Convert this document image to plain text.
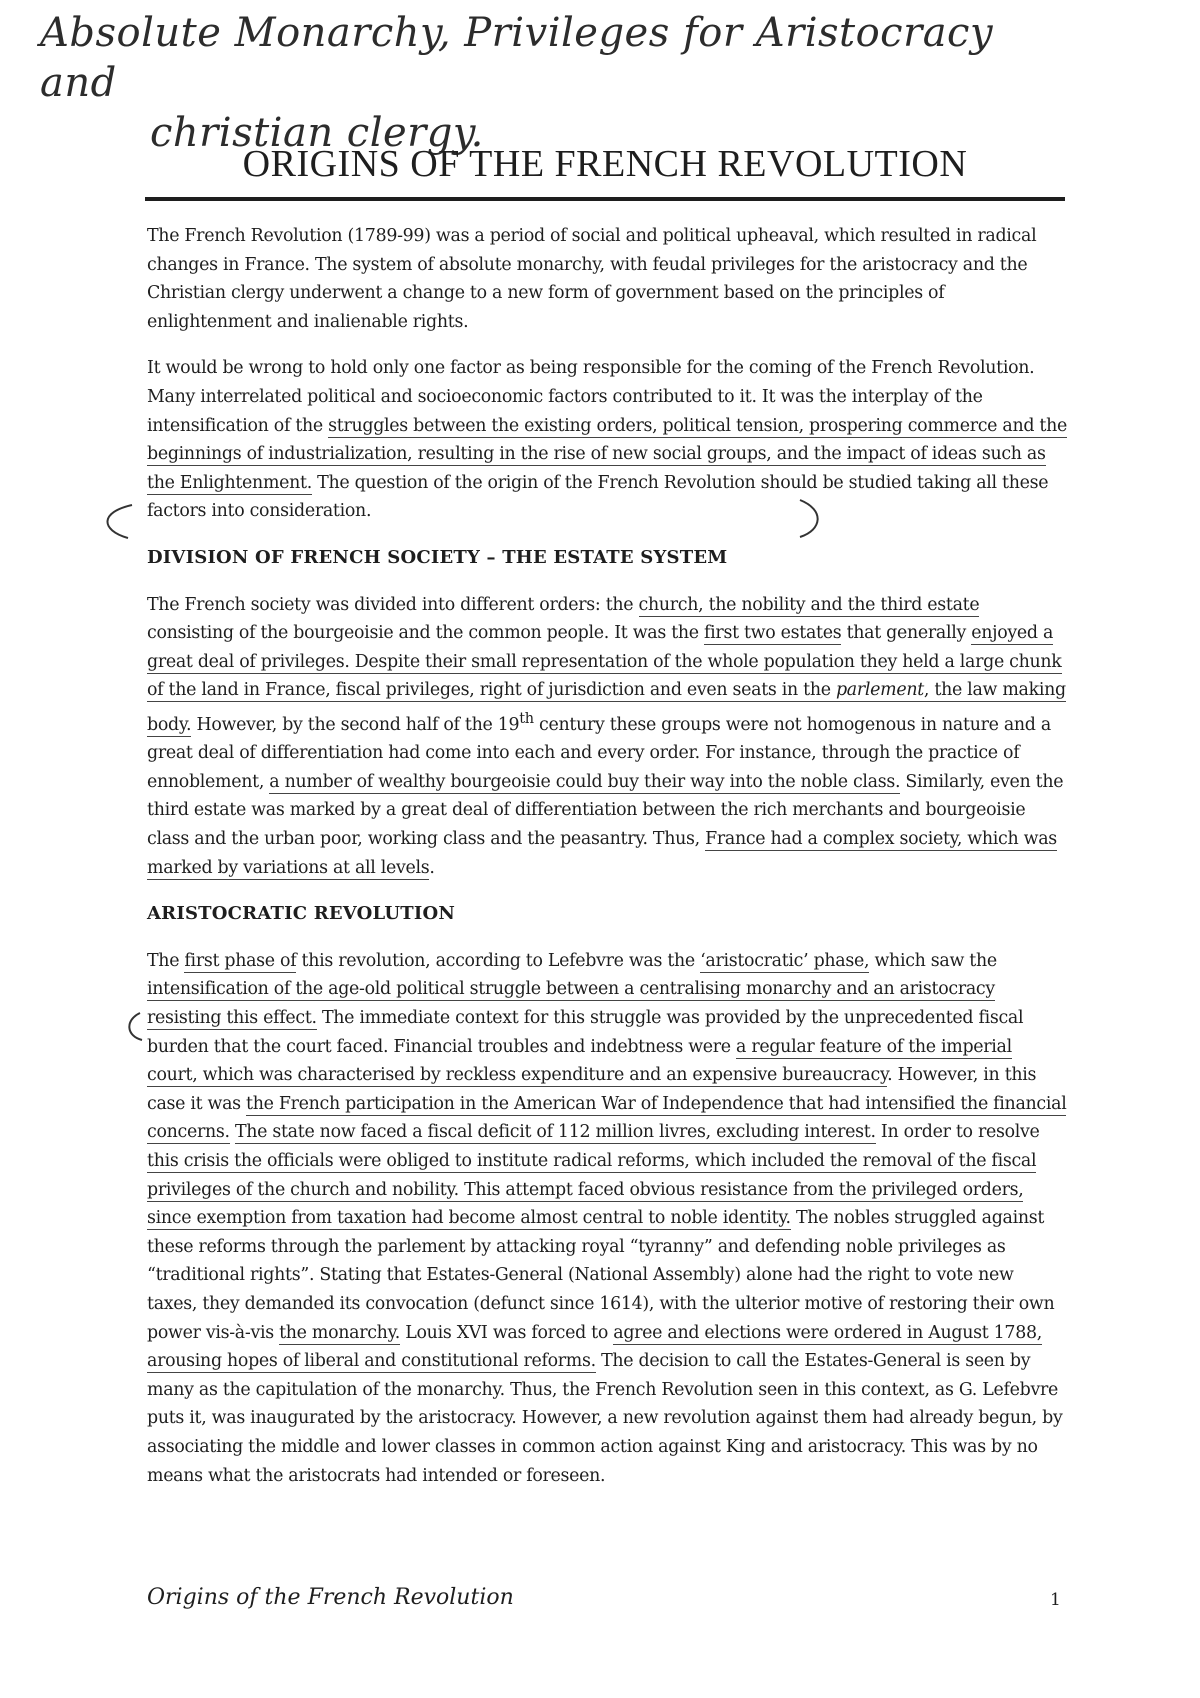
Absolute Monarchy, Privileges for Aristocracy and
christian clergy.
ORIGINS OF THE FRENCH REVOLUTION

The French Revolution (1789-99) was a period of social and political upheaval, which resulted in radical changes in France. The system of absolute monarchy, with feudal privileges for the aristocracy and the Christian clergy underwent a change to a new form of government based on the principles of enlightenment and inalienable rights.

It would be wrong to hold only one factor as being responsible for the coming of the French Revolution. Many interrelated political and socioeconomic factors contributed to it. It was the interplay of the intensification of the struggles between the existing orders, political tension, prospering commerce and the beginnings of industrialization, resulting in the rise of new social groups, and the impact of ideas such as the Enlightenment. The question of the origin of the French Revolution should be studied taking all these factors into consideration.

DIVISION OF FRENCH SOCIETY – THE ESTATE SYSTEM

The French society was divided into different orders: the church, the nobility and the third estate consisting of the bourgeoisie and the common people. It was the first two estates that generally enjoyed a great deal of privileges. Despite their small representation of the whole population they held a large chunk of the land in France, fiscal privileges, right of jurisdiction and even seats in the parlement, the law making body. However, by the second half of the 19th century these groups were not homogenous in nature and a great deal of differentiation had come into each and every order. For instance, through the practice of ennoblement, a number of wealthy bourgeoisie could buy their way into the noble class. Similarly, even the third estate was marked by a great deal of differentiation between the rich merchants and bourgeoisie class and the urban poor, working class and the peasantry. Thus, France had a complex society, which was marked by variations at all levels.

ARISTOCRATIC REVOLUTION

The first phase of this revolution, according to Lefebvre was the ‘aristocratic’ phase, which saw the intensification of the age-old political struggle between a centralising monarchy and an aristocracy resisting this effect. The immediate context for this struggle was provided by the unprecedented fiscal burden that the court faced. Financial troubles and indebtness were a regular feature of the imperial court, which was characterised by reckless expenditure and an expensive bureaucracy. However, in this case it was the French participation in the American War of Independence that had intensified the financial concerns. The state now faced a fiscal deficit of 112 million livres, excluding interest. In order to resolve this crisis the officials were obliged to institute radical reforms, which included the removal of the fiscal privileges of the church and nobility. This attempt faced obvious resistance from the privileged orders, since exemption from taxation had become almost central to noble identity. The nobles struggled against these reforms through the parlement by attacking royal “tyranny” and defending noble privileges as “traditional rights”. Stating that Estates-General (National Assembly) alone had the right to vote new taxes, they demanded its convocation (defunct since 1614), with the ulterior motive of restoring their own power vis-à-vis the monarchy. Louis XVI was forced to agree and elections were ordered in August 1788, arousing hopes of liberal and constitutional reforms. The decision to call the Estates-General is seen by many as the capitulation of the monarchy. Thus, the French Revolution seen in this context, as G. Lefebvre puts it, was inaugurated by the aristocracy. However, a new revolution against them had already begun, by associating the middle and lower classes in common action against King and aristocracy. This was by no means what the aristocrats had intended or foreseen.

Origins of the French Revolution	1
